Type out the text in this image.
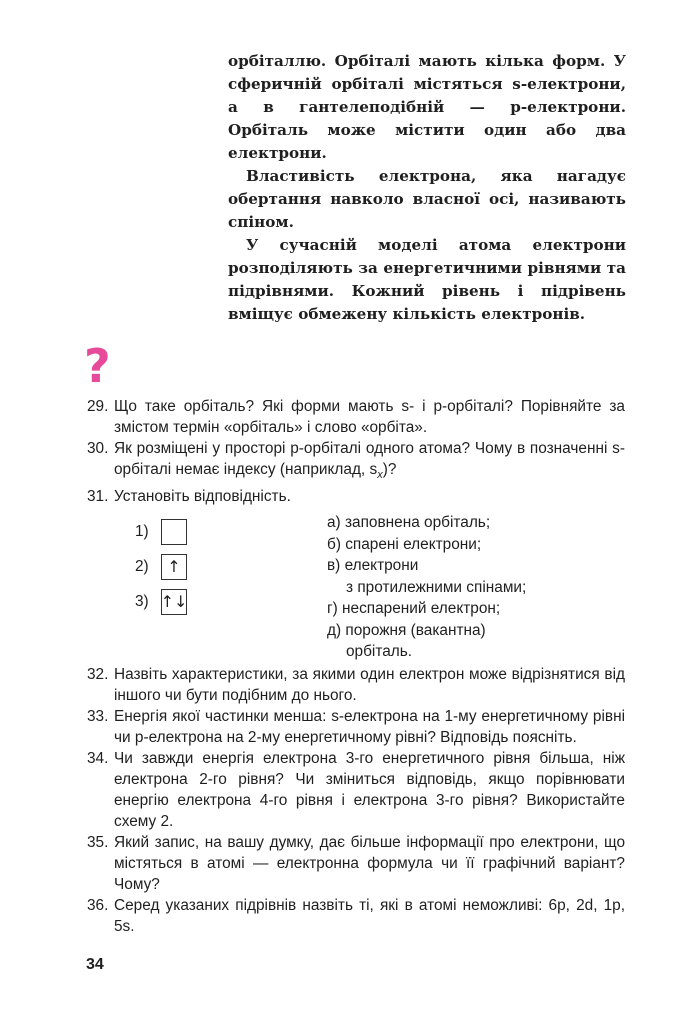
орбіталлю. Орбіталі мають кілька форм. У сферичній орбіталі містяться s-електрони, а в гантелеподібній — p-електрони. Орбіталь може містити один або два електрони.

Властивість електрона, яка нагадує обертання навколо власної осі, називають спіном.

У сучасній моделі атома електрони розподіляють за енергетичними рівнями та підрівнями. Кожний рівень і підрівень вміщує обмежену кількість електронів.

?
29. Що таке орбіталь? Які форми мають s- і p-орбіталі? Порівняйте за змістом термін «орбіталь» і слово «орбіта».
30. Як розміщені у просторі p-орбіталі одного атома? Чому в позначенні s-орбіталі немає індексу (наприклад, $s_x$)?
31. Установіть відповідність.
1)
2)	↑
3) ↑↓
а) заповнена орбіталь;
б) спарені електрони;
в) електрони
з протилежними спінами;
г) неспарений електрон;
д) порожня (вакантна)
орбіталь.
32. Назвіть характеристики, за якими один електрон може відрізнятися від іншого чи бути подібним до нього.
33. Енергія якої частинки менша: s-електрона на 1-му енергетичному рівні чи p-електрона на 2-му енергетичному рівні? Відповідь поясніть.
34. Чи завжди енергія електрона 3-го енергетичного рівня більша, ніж електрона 2-го рівня? Чи зміниться відповідь, якщо порівнювати енергію електрона 4-го рівня і електрона 3-го рівня? Використайте схему 2.
35. Який запис, на вашу думку, дає більше інформації про електрони, що містяться в атомі — електронна формула чи її графічний варіант? Чому?
36. Серед указаних підрівнів назвіть ті, які в атомі неможливі: 6p, 2d, 1p, 5s.
34
